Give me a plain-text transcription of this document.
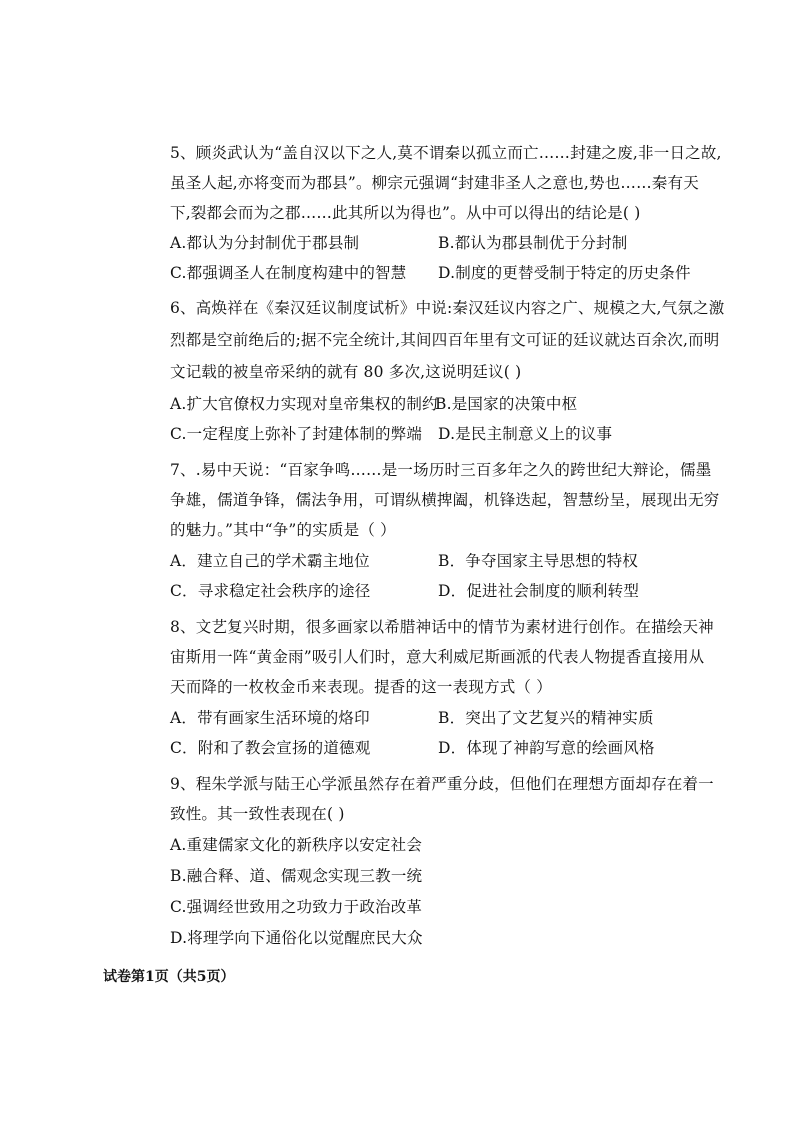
5、顾炎武认为“盖自汉以下之人,莫不谓秦以孤立而亡……封建之废,非一日之故,
虽圣人起,亦将变而为郡县”。柳宗元强调“封建非圣人之意也,势也……秦有天
下,裂都会而为之郡……此其所以为得也”。从中可以得出的结论是( )
A.都认为分封制优于郡县制	B.都认为郡县制优于分封制
C.都强调圣人在制度构建中的智慧 D.制度的更替受制于特定的历史条件
6、高焕祥在《秦汉廷议制度试析》中说:秦汉廷议内容之广、规模之大,气氛之激
烈都是空前绝后的;据不完全统计,其间四百年里有文可证的廷议就达百余次,而明
文记载的被皇帝采纳的就有 80 多次,这说明廷议( )
A.扩大官僚权力实现对皇帝集权的制约
B.是国家的决策中枢
C.一定程度上弥补了封建体制的弊端 D.是民主制意义上的议事
7、.易中天说：“百家争鸣……是一场历时三百多年之久的跨世纪大辩论，儒墨
争雄，儒道争锋，儒法争用，可谓纵横捭阖，机锋迭起，智慧纷呈，展现出无穷
的魅力。”其中“争”的实质是（ ）
A．建立自己的学术霸主地位	B．争夺国家主导思想的特权
C．寻求稳定社会秩序的途径	D．促进社会制度的顺利转型
8、文艺复兴时期，很多画家以希腊神话中的情节为素材进行创作。在描绘天神
宙斯用一阵“黄金雨”吸引人们时，意大利威尼斯画派的代表人物提香直接用从
天而降的一枚枚金币来表现。提香的这一表现方式（ ）
A．带有画家生活环境的烙印	B．突出了文艺复兴的精神实质
C．附和了教会宣扬的道德观	D．体现了神韵写意的绘画风格
9、程朱学派与陆王心学派虽然存在着严重分歧，但他们在理想方面却存在着一
致性。其一致性表现在( )
A.重建儒家文化的新秩序以安定社会
B.融合释、道、儒观念实现三教一统
C.强调经世致用之功致力于政治改革
D.将理学向下通俗化以觉醒庶民大众
试卷第1页（共5页）
